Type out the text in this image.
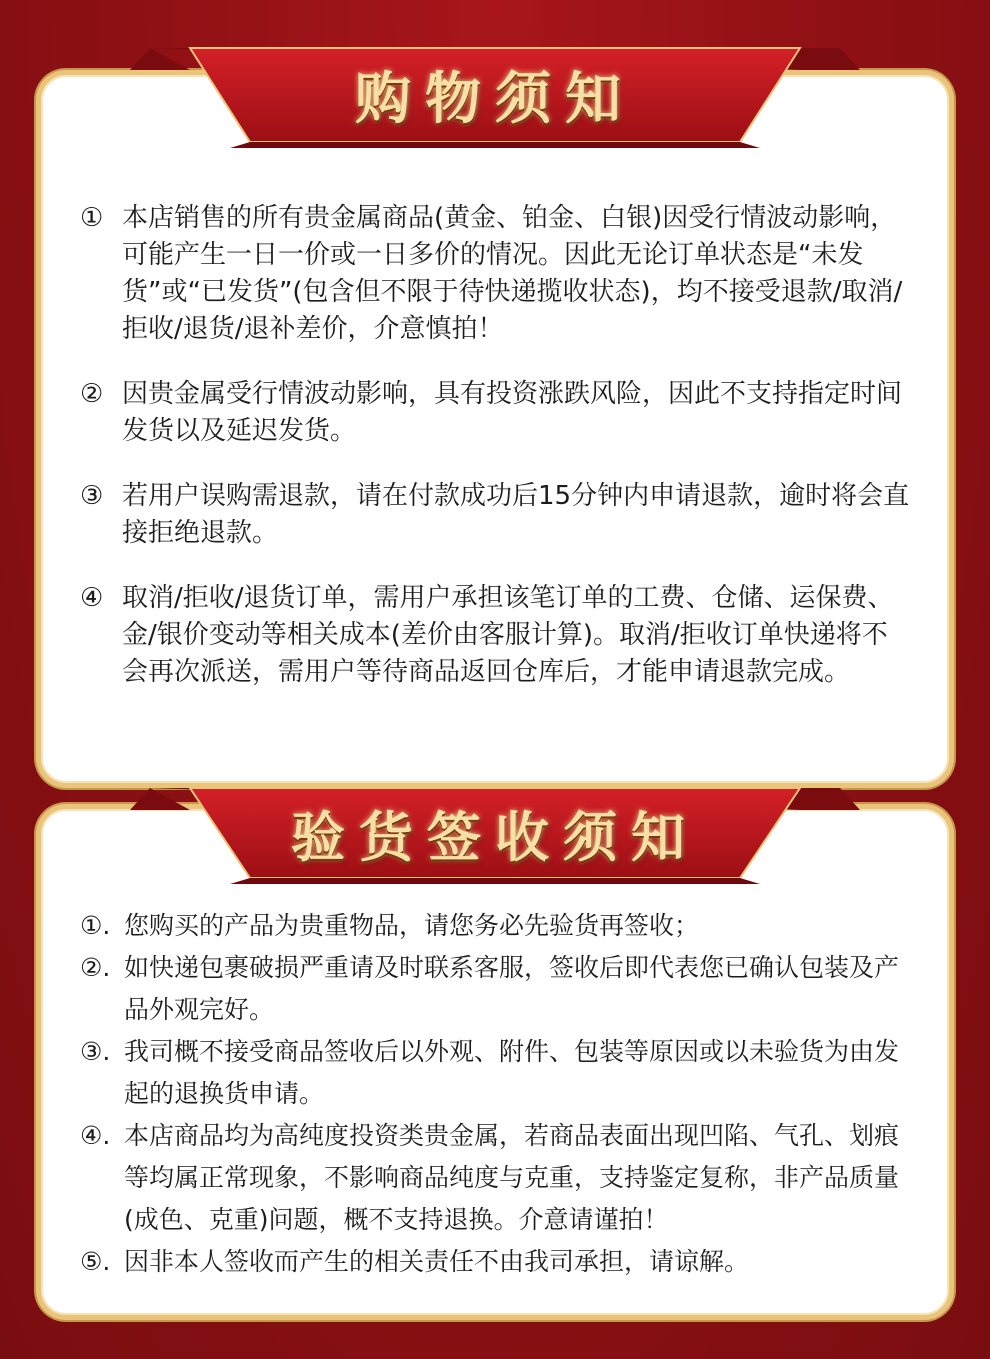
购物须知
① 本店销售的所有贵金属商品(黄金、铂金、白银)因受行情波动影响，可能产生一日一价或一日多价的情况。因此无论订单状态是“未发货”或“已发货”(包含但不限于待快递揽收状态)，均不接受退款/取消/拒收/退货/退补差价，介意慎拍！
② 因贵金属受行情波动影响，具有投资涨跌风险，因此不支持指定时间发货以及延迟发货。
③ 若用户误购需退款，请在付款成功后15分钟内申请退款，逾时将会直接拒绝退款。
④ 取消/拒收/退货订单，需用户承担该笔订单的工费、仓储、运保费、金/银价变动等相关成本(差价由客服计算)。取消/拒收订单快递将不会再次派送，需用户等待商品返回仓库后，才能申请退款完成。
验货签收须知
①. 您购买的产品为贵重物品，请您务必先验货再签收；
②. 如快递包裹破损严重请及时联系客服，签收后即代表您已确认包装及产品外观完好。
③. 我司概不接受商品签收后以外观、附件、包装等原因或以未验货为由发起的退换货申请。
④. 本店商品均为高纯度投资类贵金属，若商品表面出现凹陷、气孔、划痕等均属正常现象，不影响商品纯度与克重，支持鉴定复称，非产品质量(成色、克重)问题，概不支持退换。介意请谨拍！
⑤. 因非本人签收而产生的相关责任不由我司承担，请谅解。
